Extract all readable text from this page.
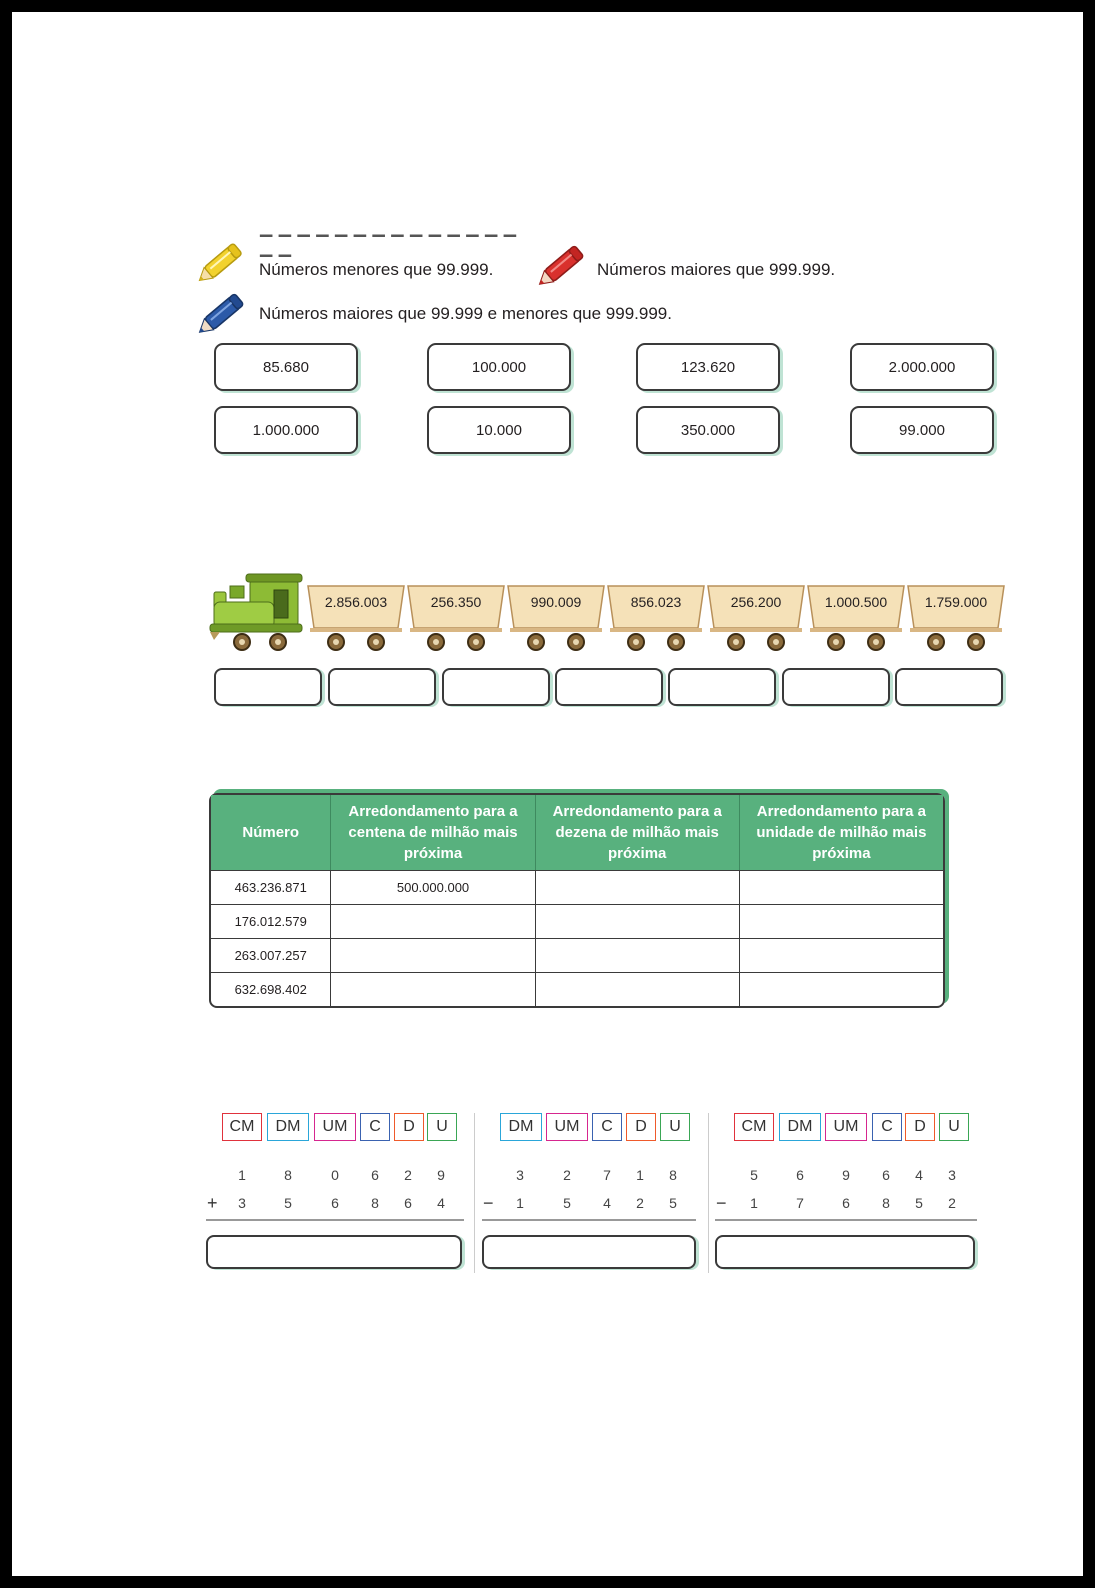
▁ ▁ ▁ ▁ ▁ ▁ ▁ ▁ ▁ ▁ ▁ ▁ ▁ ▁ ▁ ▁
Números menores que 99.999.	Números maiores que 999.999.
Números maiores que 99.999 e menores que 999.999.
85.680	100.000	123.620	2.000.000
1.000.000	10.000	350.000	99.000
2.856.003	256.350	990.009	856.023	256.200	1.000.500	1.759.000
Número	Arredondamento para a centena de milhão mais próxima	Arredondamento para a dezena de milhão mais próxima	Arredondamento para a unidade de milhão mais próxima
463.236.871	500.000.000		
176.012.579			
263.007.257			
632.698.402			
CM	DM	UM	C	D	U
1	8	0	6	2	9
+	3	5	6	8	6	4
DM	UM	C	D	U
3	2	7	1	8
−	1	5	4	2	5
CM	DM	UM	C	D	U
5	6	9	6	4	3
−	1	7	6	8	5	2
